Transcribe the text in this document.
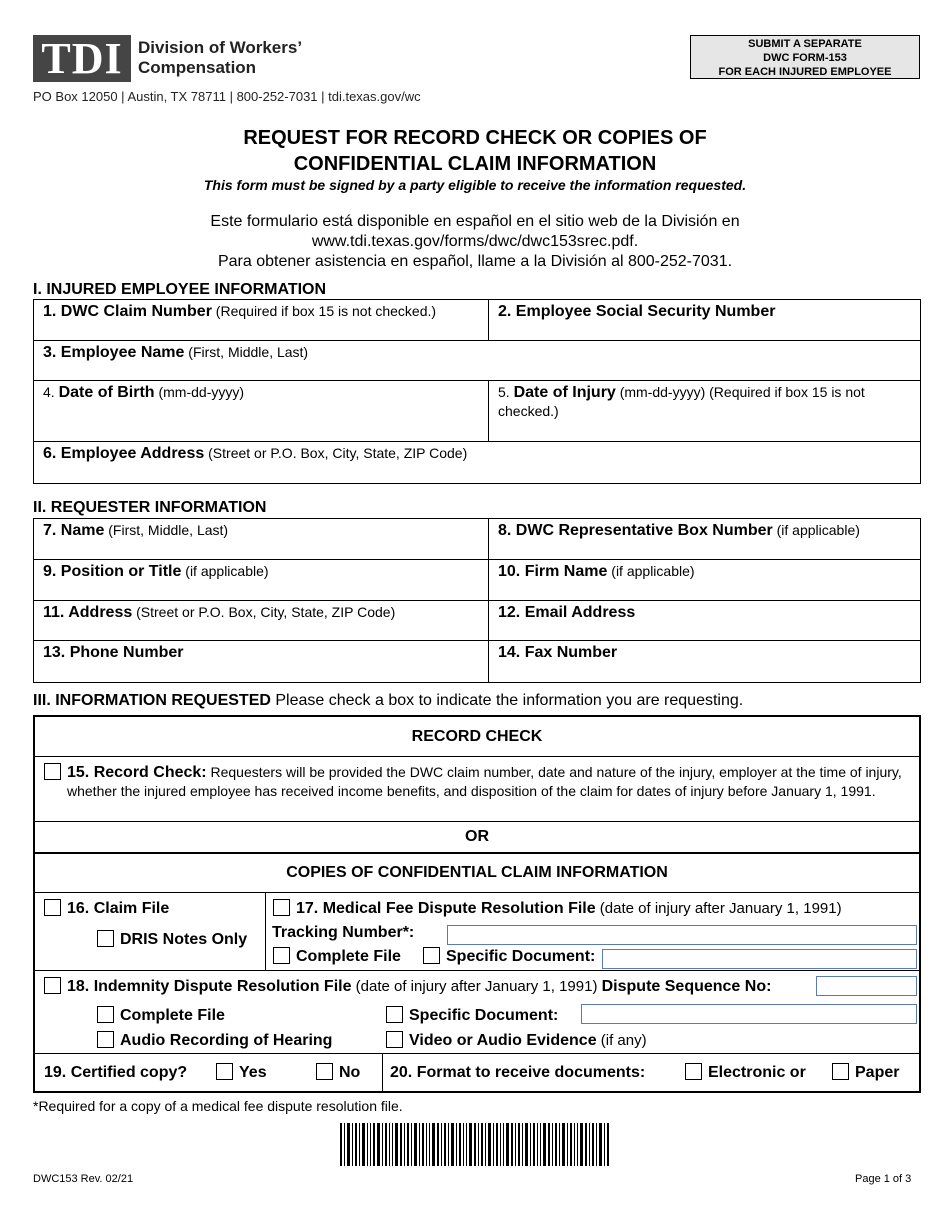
TDI Division of Workers’
Compensation
PO Box 12050 | Austin, TX 78711 | 800-252-7031 | tdi.texas.gov/wc
SUBMIT A SEPARATE
DWC FORM-153
FOR EACH INJURED EMPLOYEE
REQUEST FOR RECORD CHECK OR COPIES OF
CONFIDENTIAL CLAIM INFORMATION
This form must be signed by a party eligible to receive the information requested.
Este formulario está disponible en español en el sitio web de la División en
www.tdi.texas.gov/forms/dwc/dwc153srec.pdf.
Para obtener asistencia en español, llame a la División al 800-252-7031.
I. INJURED EMPLOYEE INFORMATION
1. DWC Claim Number (Required if box 15 is not checked.)	2. Employee Social Security Number
3. Employee Name (First, Middle, Last)	
4. Date of Birth (mm-dd-yyyy)	5. Date of Injury (mm-dd-yyyy) (Required if box 15 is not checked.)
6. Employee Address (Street or P.O. Box, City, State, ZIP Code)	
II. REQUESTER INFORMATION
7. Name (First, Middle, Last)	8. DWC Representative Box Number (if applicable)
9. Position or Title (if applicable)	10. Firm Name (if applicable)
11. Address (Street or P.O. Box, City, State, ZIP Code)	12. Email Address
13. Phone Number	14. Fax Number
III. INFORMATION REQUESTED Please check a box to indicate the information you are requesting.
RECORD CHECK
15. Record Check: Requesters will be provided the DWC claim number, date and nature of the injury, employer at the time of injury, whether the injured employee has received income benefits, and disposition of the claim for dates of injury before January 1, 1991.
OR
COPIES OF CONFIDENTIAL CLAIM INFORMATION
16. Claim File
DRIS Notes Only
17. Medical Fee Dispute Resolution File (date of injury after January 1, 1991)
Tracking Number*:
Complete File	Specific Document:
18. Indemnity Dispute Resolution File (date of injury after January 1, 1991) Dispute Sequence No:
Complete File	Specific Document:
Audio Recording of Hearing	Video or Audio Evidence (if any)
19. Certified copy?	Yes	No 20. Format to receive documents:	Electronic or	Paper
*Required for a copy of a medical fee dispute resolution file.
DWC153 Rev. 02/21	Page 1 of 3
